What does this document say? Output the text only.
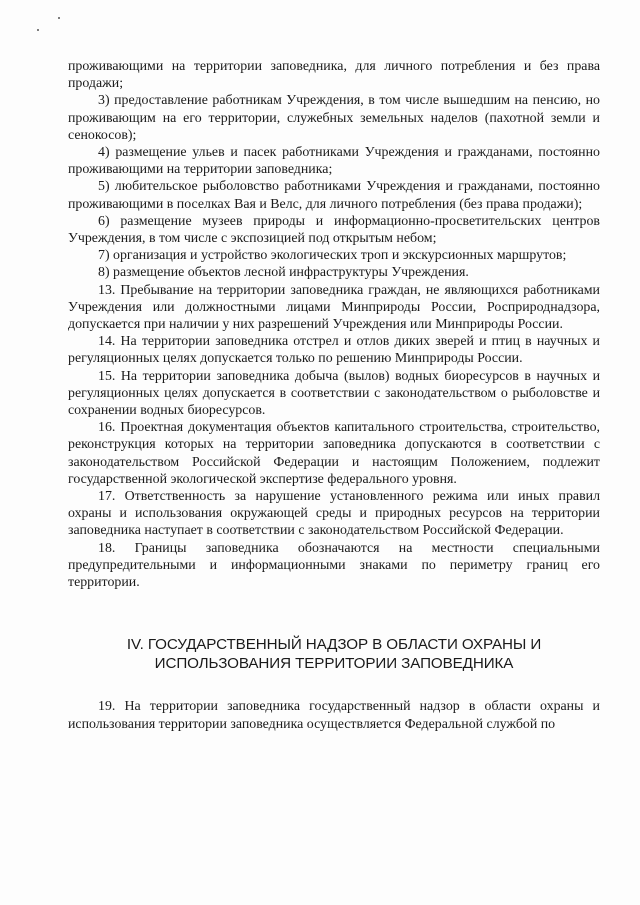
проживающими на территории заповедника, для личного потребления и без права продажи;

3) предоставление работникам Учреждения, в том числе вышедшим на пенсию, но проживающим на его территории, служебных земельных наделов (пахотной земли и сенокосов);

4) размещение ульев и пасек работниками Учреждения и гражданами, постоянно проживающими на территории заповедника;

5) любительское рыболовство работниками Учреждения и гражданами, постоянно проживающими в поселках Вая и Велс, для личного потребления (без права продажи);

6) размещение музеев природы и информационно-просветительских центров Учреждения, в том числе с экспозицией под открытым небом;

7) организация и устройство экологических троп и экскурсионных маршрутов;

8) размещение объектов лесной инфраструктуры Учреждения.

13. Пребывание на территории заповедника граждан, не являющихся работниками Учреждения или должностными лицами Минприроды России, Росприроднадзора, допускается при наличии у них разрешений Учреждения или Минприроды России.

14. На территории заповедника отстрел и отлов диких зверей и птиц в научных и регуляционных целях допускается только по решению Минприроды России.

15. На территории заповедника добыча (вылов) водных биоресурсов в научных и регуляционных целях допускается в соответствии с законодательством о рыболовстве и сохранении водных биоресурсов.

16. Проектная документация объектов капитального строительства, строительство, реконструкция которых на территории заповедника допускаются в соответствии с законодательством Российской Федерации и настоящим Положением, подлежит государственной экологической экспертизе федерального уровня.

17. Ответственность за нарушение установленного режима или иных правил охраны и использования окружающей среды и природных ресурсов на территории заповедника наступает в соответствии с законодательством Российской Федерации.

18. Границы заповедника обозначаются на местности специальными предупредительными и информационными знаками по периметру границ его территории.

IV. ГОСУДАРСТВЕННЫЙ НАДЗОР В ОБЛАСТИ ОХРАНЫ И
ИСПОЛЬЗОВАНИЯ ТЕРРИТОРИИ ЗАПОВЕДНИКА

19. На территории заповедника государственный надзор в области охраны и использования территории заповедника осуществляется Федеральной службой по
